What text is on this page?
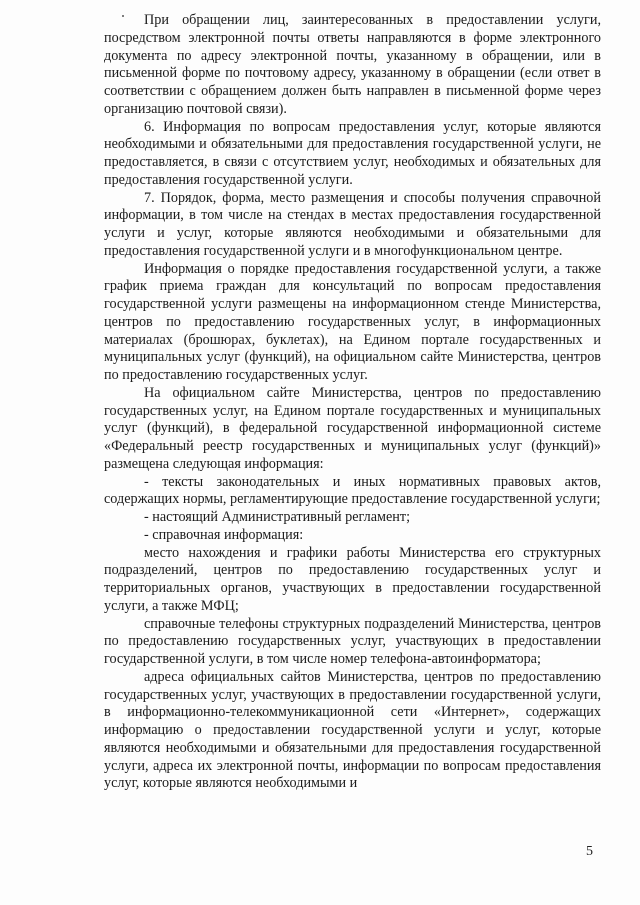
При обращении лиц, заинтересованных в предоставлении услуги, посредством электронной почты ответы направляются в форме электронного документа по адресу электронной почты, указанному в обращении, или в письменной форме по почтовому адресу, указанному в обращении (если ответ в соответствии с обращением должен быть направлен в письменной форме через организацию почтовой связи).

6. Информация по вопросам предоставления услуг, которые являются необходимыми и обязательными для предоставления государственной услуги, не предоставляется, в связи с отсутствием услуг, необходимых и обязательных для предоставления государственной услуги.

7. Порядок, форма, место размещения и способы получения справочной информации, в том числе на стендах в местах предоставления государственной услуги и услуг, которые являются необходимыми и обязательными для предоставления государственной услуги и в многофункциональном центре.

Информация о порядке предоставления государственной услуги, а также график приема граждан для консультаций по вопросам предоставления государственной услуги размещены на информационном стенде Министерства, центров по предоставлению государственных услуг, в информационных материалах (брошюрах, буклетах), на Едином портале государственных и муниципальных услуг (функций), на официальном сайте Министерства, центров по предоставлению государственных услуг.

На официальном сайте Министерства, центров по предоставлению государственных услуг, на Едином портале государственных и муниципальных услуг (функций), в федеральной государственной информационной системе «Федеральный реестр государственных и муниципальных услуг (функций)» размещена следующая информация:

- тексты законодательных и иных нормативных правовых актов, содержащих нормы, регламентирующие предоставление государственной услуги;

- настоящий Административный регламент;

- справочная информация:

место нахождения и графики работы Министерства его структурных подразделений, центров по предоставлению государственных услуг и территориальных органов, участвующих в предоставлении государственной услуги, а также МФЦ;

справочные телефоны структурных подразделений Министерства, центров по предоставлению государственных услуг, участвующих в предоставлении государственной услуги, в том числе номер телефона-автоинформатора;

адреса официальных сайтов Министерства, центров по предоставлению государственных услуг, участвующих в предоставлении государственной услуги, в информационно-телекоммуникационной сети «Интернет», содержащих информацию о предоставлении государственной услуги и услуг, которые являются необходимыми и обязательными для предоставления государственной услуги, адреса их электронной почты, информации по вопросам предоставления услуг, которые являются необходимыми и

5
